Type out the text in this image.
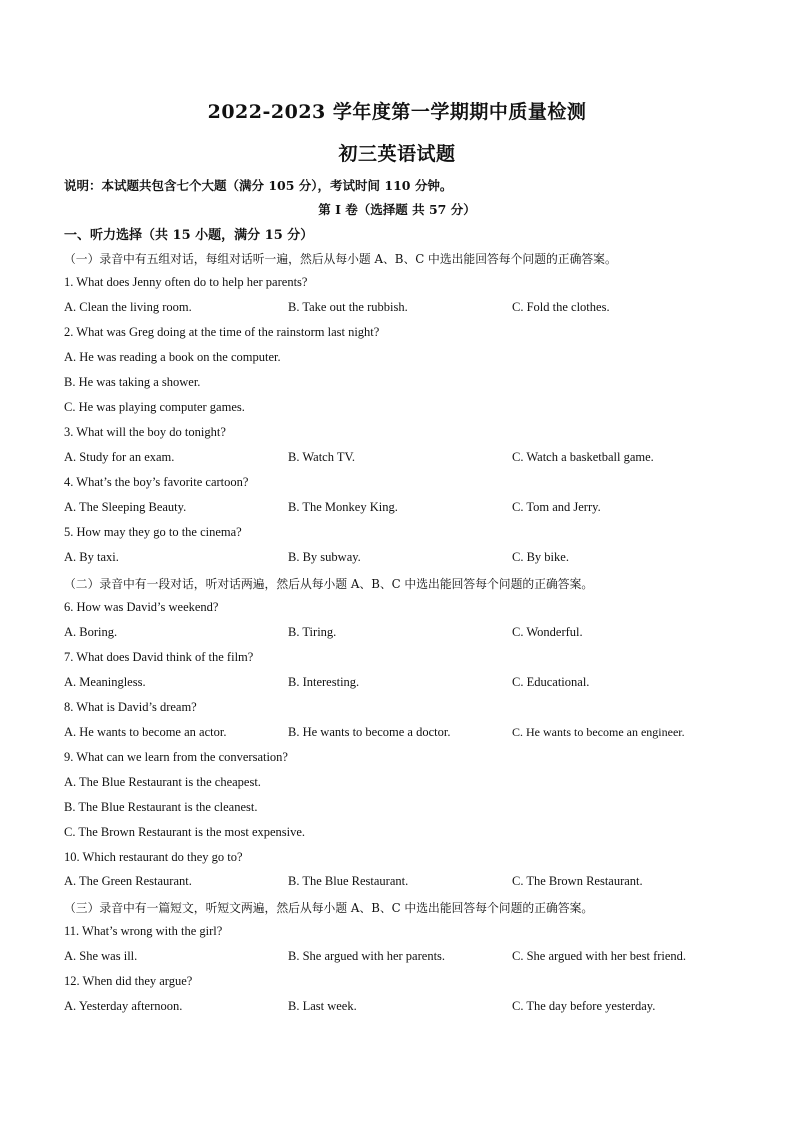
2022-2023 学年度第一学期期中质量检测
初三英语试题
说明：本试题共包含七个大题（满分 105 分），考试时间 110 分钟。
第 I 卷（选择题 共 57 分）
一、听力选择（共 15 小题，满分 15 分）
（一）录音中有五组对话，每组对话听一遍，然后从每小题 A、B、C 中选出能回答每个问题的正确答案。
1. What does Jenny often do to help her parents?
A. Clean the living room.	B. Take out the rubbish.	C. Fold the clothes.
2. What was Greg doing at the time of the rainstorm last night?
A. He was reading a book on the computer.
B. He was taking a shower.
C. He was playing computer games.
3. What will the boy do tonight?
A. Study for an exam.	B. Watch TV.	C. Watch a basketball game.
4. What’s the boy’s favorite cartoon?
A. The Sleeping Beauty.	B. The Monkey King.	C. Tom and Jerry.
5. How may they go to the cinema?
A. By taxi.	B. By subway.	C. By bike.
（二）录音中有一段对话，听对话两遍，然后从每小题 A、B、C 中选出能回答每个问题的正确答案。
6. How was David’s weekend?
A. Boring.	B. Tiring.	C. Wonderful.
7. What does David think of the film?
A. Meaningless.	B. Interesting.	C. Educational.
8. What is David’s dream?
A. He wants to become an actor.	B. He wants to become a doctor.	C. He wants to become an engineer.
9. What can we learn from the conversation?
A. The Blue Restaurant is the cheapest.
B. The Blue Restaurant is the cleanest.
C. The Brown Restaurant is the most expensive.
10. Which restaurant do they go to?
A. The Green Restaurant.	B. The Blue Restaurant.	C. The Brown Restaurant.
（三）录音中有一篇短文，听短文两遍，然后从每小题 A、B、C 中选出能回答每个问题的正确答案。
11. What’s wrong with the girl?
A. She was ill.	B. She argued with her parents.	C. She argued with her best friend.
12. When did they argue?
A. Yesterday afternoon.	B. Last week.	C. The day before yesterday.
